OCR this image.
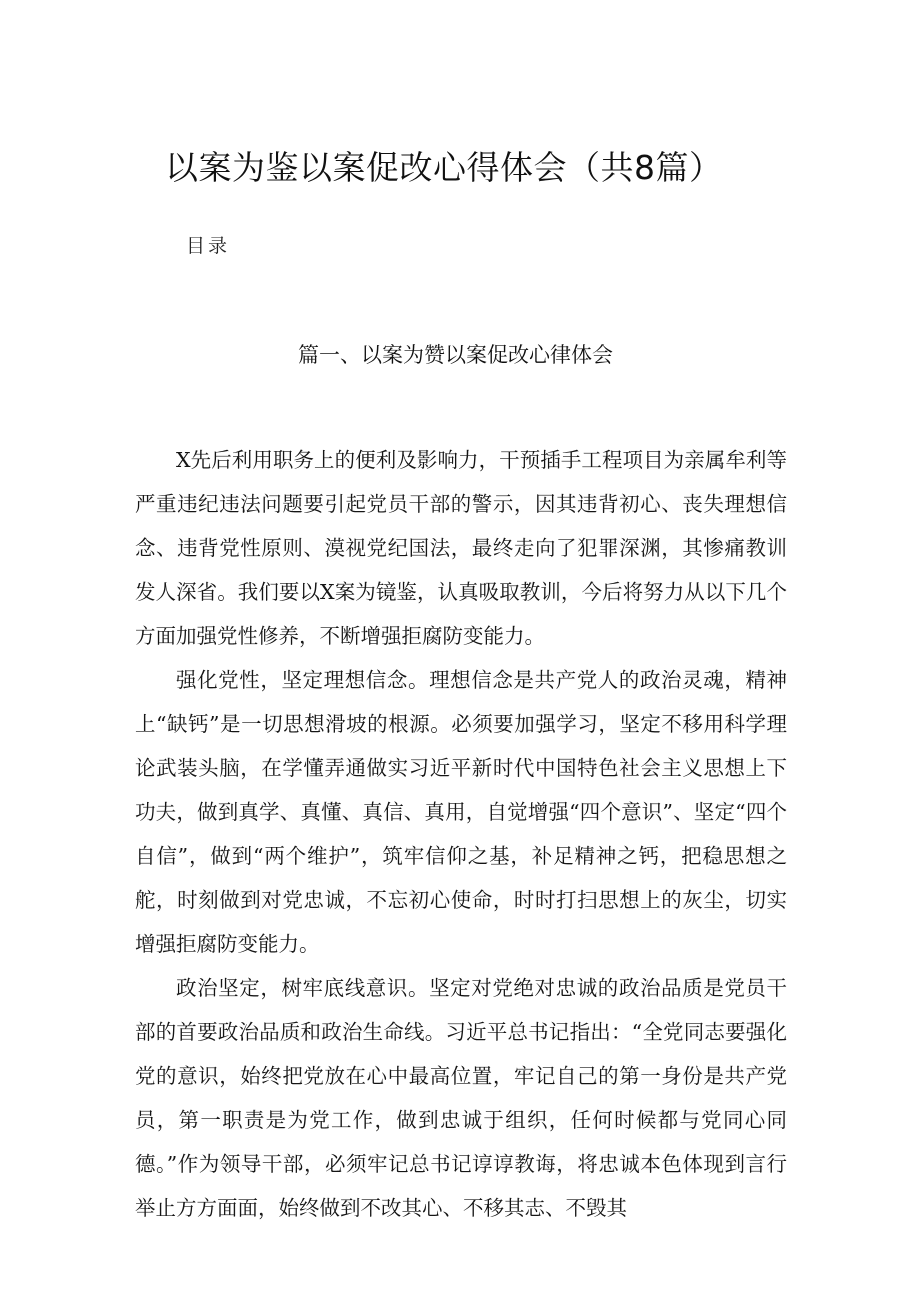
以案为鉴以案促改心得体会（共8篇）
目录
篇一、以案为赞以案促改心律体会

X先后利用职务上的便利及影响力，干预插手工程项目为亲属牟利等严重违纪违法问题要引起党员干部的警示，因其违背初心、丧失理想信念、违背党性原则、漠视党纪国法，最终走向了犯罪深渊，其惨痛教训发人深省。我们要以X案为镜鉴，认真吸取教训，今后将努力从以下几个方面加强党性修养，不断增强拒腐防变能力。

强化党性，坚定理想信念。理想信念是共产党人的政治灵魂，精神上“缺钙”是一切思想滑坡的根源。必须要加强学习，坚定不移用科学理论武装头脑，在学懂弄通做实习近平新时代中国特色社会主义思想上下功夫，做到真学、真懂、真信、真用，自觉增强“四个意识”、坚定“四个自信”，做到“两个维护”，筑牢信仰之基，补足精神之钙，把稳思想之舵，时刻做到对党忠诚，不忘初心使命，时时打扫思想上的灰尘，切实增强拒腐防变能力。

政治坚定，树牢底线意识。坚定对党绝对忠诚的政治品质是党员干部的首要政治品质和政治生命线。习近平总书记指出：“全党同志要强化党的意识，始终把党放在心中最高位置，牢记自己的第一身份是共产党员，第一职责是为党工作，做到忠诚于组织，任何时候都与党同心同德。”作为领导干部，必须牢记总书记谆谆教诲，将忠诚本色体现到言行举止方方面面，始终做到不改其心、不移其志、不毁其
